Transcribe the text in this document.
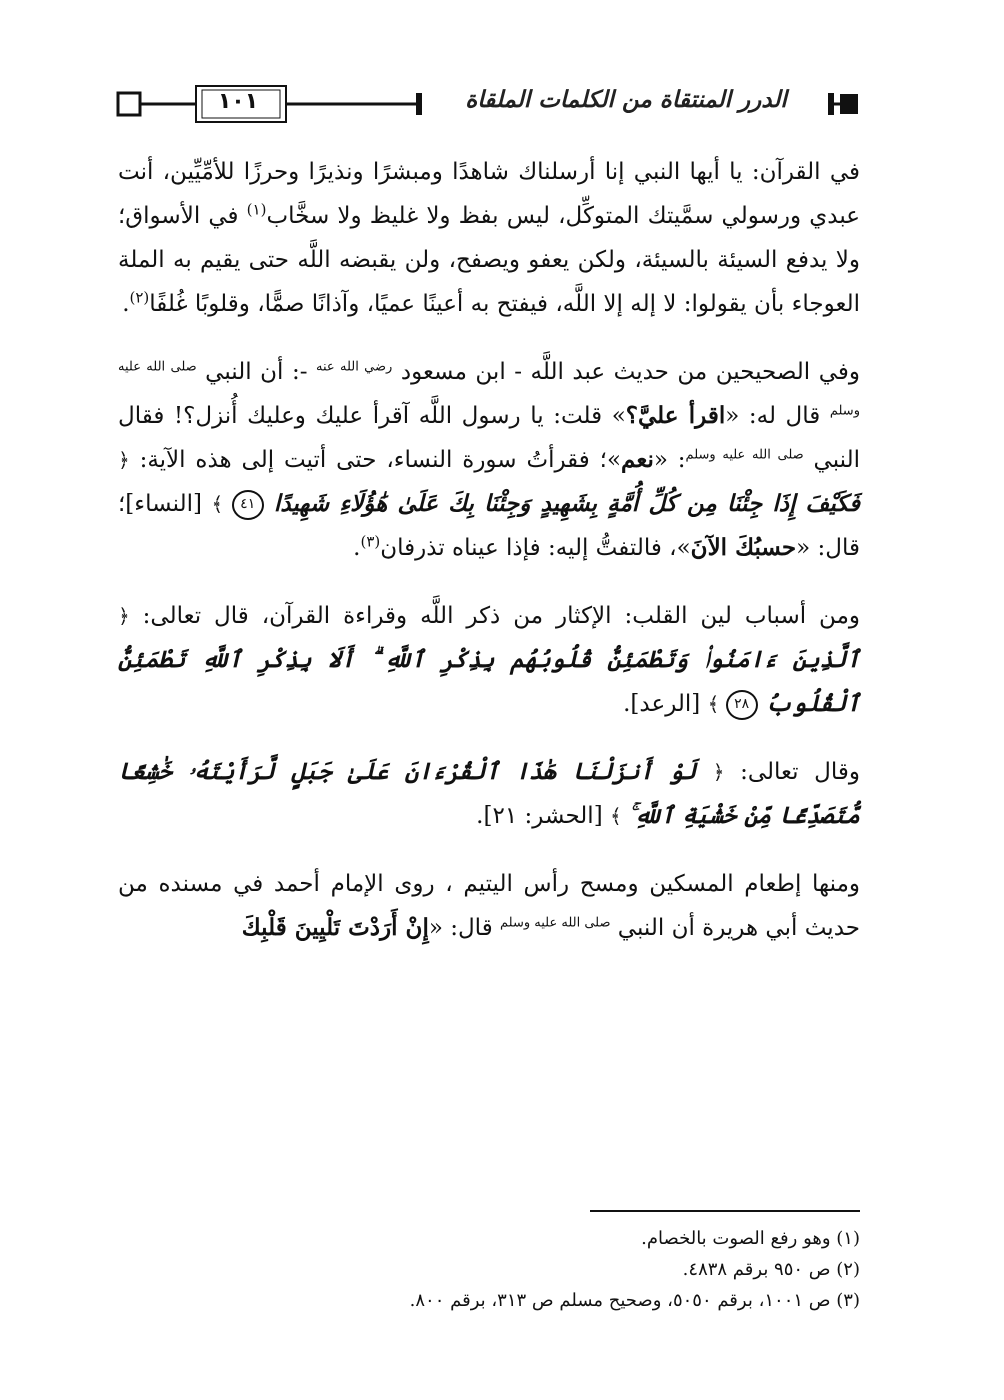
١٠١	الدرر المنتقاة من الكلمات الملقاة

في القرآن: يا أيها النبي إنا أرسلناك شاهدًا ومبشرًا ونذيرًا وحرزًا للأمِّيِّين، أنت عبدي ورسولي سمَّيتك المتوكِّل، ليس بفظ ولا غليظ ولا سخَّاب$^{(١)}$ في الأسواق؛ ولا يدفع السيئة بالسيئة، ولكن يعفو ويصفح، ولن يقبضه اللَّه حتى يقيم به الملة العوجاء بأن يقولوا: لا إله إلا اللَّه، فيفتح به أعينًا عميًا، وآذانًا صمًّا، وقلوبًا غُلفًا$^{(٢)}$.

وفي الصحيحين من حديث عبد اللَّه - ابن مسعود $^{رضي الله عنه}$ -: أن النبي $^{صلى الله عليه وسلم}$ قال له: «اقرأ عليَّ؟» قلت: يا رسول اللَّه آقرأ عليك وعليك أُنزل؟! فقال النبي $^{صلى الله عليه وسلم}$: «نعم»؛ فقرأتُ سورة النساء، حتى أتيت إلى هذه الآية: ﴿ فَكَيْفَ إِذَا جِئْنَا مِن كُلِّ أُمَّةٍ بِشَهِيدٍ وَجِئْنَا بِكَ عَلَىٰ هَٰؤُلَاءِ شَهِيدًا ٤١ ﴾ [النساء]؛ قال: «حسبُكَ الآنَ»، فالتفتُّ إليه: فإذا عيناه تذرفان$^{(٣)}$.

ومن أسباب لين القلب: الإكثار من ذكر اللَّه وقراءة القرآن، قال تعالى: ﴿ ٱلَّذِينَ ءَامَنُوا۟ وَتَطْمَئِنُّ قُلُوبُهُم بِذِكْرِ ٱللَّهِ ۗ أَلَا بِذِكْرِ ٱللَّهِ تَطْمَئِنُّ ٱلْقُلُوبُ ٢٨ ﴾ [الرعد].

وقال تعالى: ﴿ لَوْ أَنزَلْنَا هَٰذَا ٱلْقُرْءَانَ عَلَىٰ جَبَلٍ لَّرَأَيْتَهُۥ خَٰشِعًا مُّتَصَدِّعًا مِّنْ خَشْيَةِ ٱللَّهِ ۚ ﴾ [الحشر: ٢١].

ومنها إطعام المسكين ومسح رأس اليتيم ، روى الإمام أحمد في مسنده من حديث أبي هريرة أن النبي $^{صلى الله عليه وسلم}$ قال: «إِنْ أَرَدْتَ تَلْيِينَ قَلْبِكَ

(١) وهو رفع الصوت بالخصام.

(٢) ص ٩٥٠ برقم ٤٨٣٨.

(٣) ص ١٠٠١، برقم ٥٠٥٠، وصحيح مسلم ص ٣١٣، برقم ٨٠٠.
